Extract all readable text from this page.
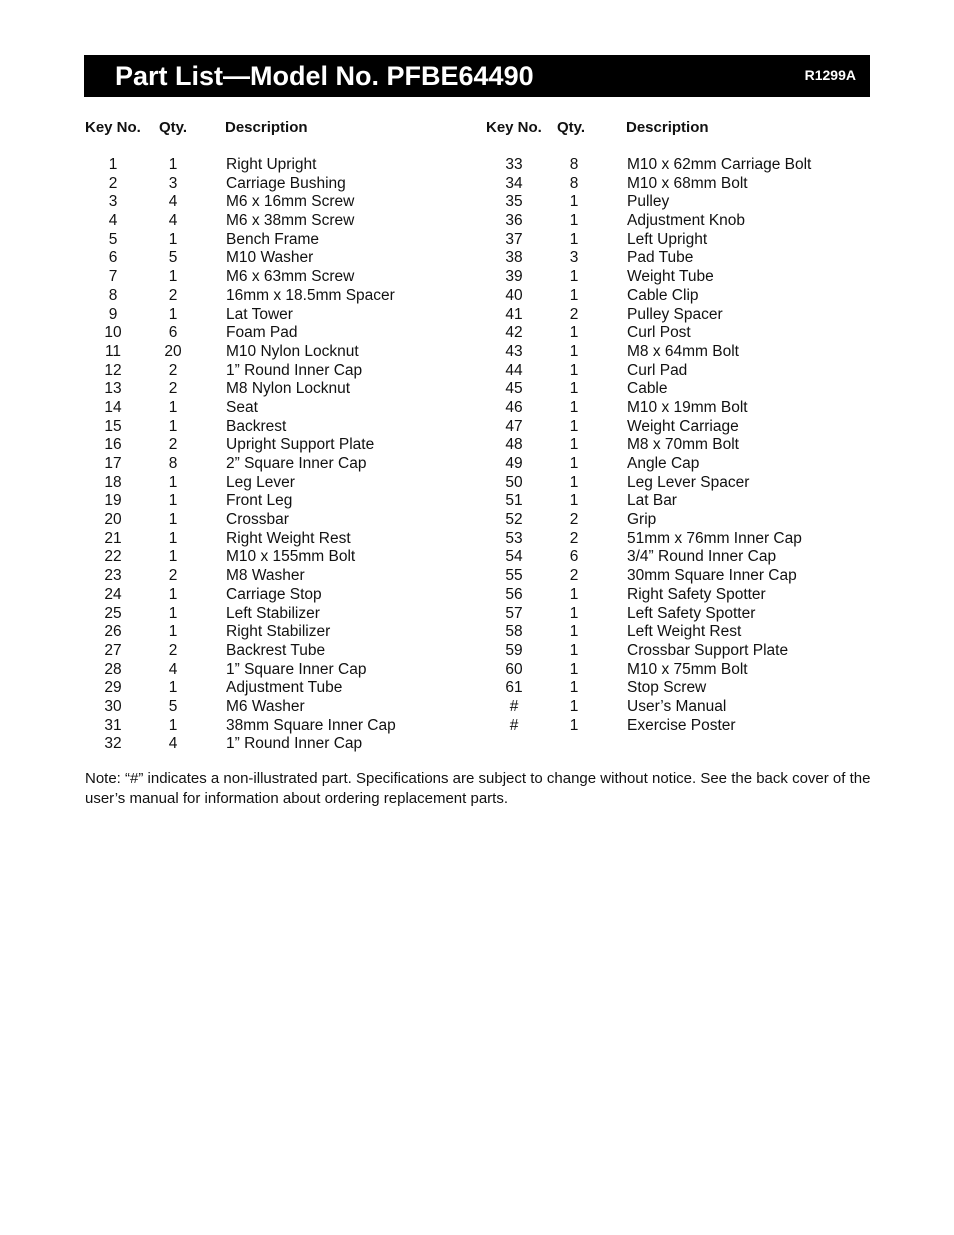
Part List—Model No. PFBE64490	R1299A
Key No. Qty.	Description	Key No. Qty.	Description
1	1	Right Upright
2	3	Carriage Bushing
3	4	M6 x 16mm Screw
4	4	M6 x 38mm Screw
5	1	Bench Frame
6	5	M10 Washer
7	1	M6 x 63mm Screw
8	2	16mm x 18.5mm Spacer
9	1	Lat Tower
10	6	Foam Pad
11	20	M10 Nylon Locknut
12	2	1” Round Inner Cap
13	2	M8 Nylon Locknut
14	1	Seat
15	1	Backrest
16	2	Upright Support Plate
17	8	2” Square Inner Cap
18	1	Leg Lever
19	1	Front Leg
20	1	Crossbar
21	1	Right Weight Rest
22	1	M10 x 155mm Bolt
23	2	M8 Washer
24	1	Carriage Stop
25	1	Left Stabilizer
26	1	Right Stabilizer
27	2	Backrest Tube
28	4	1” Square Inner Cap
29	1	Adjustment Tube
30	5	M6 Washer
31	1	38mm Square Inner Cap
32	4	1” Round Inner Cap
33	8	M10 x 62mm Carriage Bolt
34	8	M10 x 68mm Bolt
35	1	Pulley
36	1	Adjustment Knob
37	1	Left Upright
38	3	Pad Tube
39	1	Weight Tube
40	1	Cable Clip
41	2	Pulley Spacer
42	1	Curl Post
43	1	M8 x 64mm Bolt
44	1	Curl Pad
45	1	Cable
46	1	M10 x 19mm Bolt
47	1	Weight Carriage
48	1	M8 x 70mm Bolt
49	1	Angle Cap
50	1	Leg Lever Spacer
51	1	Lat Bar
52	2	Grip
53	2	51mm x 76mm Inner Cap
54	6	3/4” Round Inner Cap
55	2	30mm Square Inner Cap
56	1	Right Safety Spotter
57	1	Left Safety Spotter
58	1	Left Weight Rest
59	1	Crossbar Support Plate
60	1	M10 x 75mm Bolt
61	1	Stop Screw
#	1	User’s Manual
#	1	Exercise Poster
Note: “#” indicates a non-illustrated part. Specifications are subject to change without notice. See the back cover of the user’s manual for information about ordering replacement parts.
